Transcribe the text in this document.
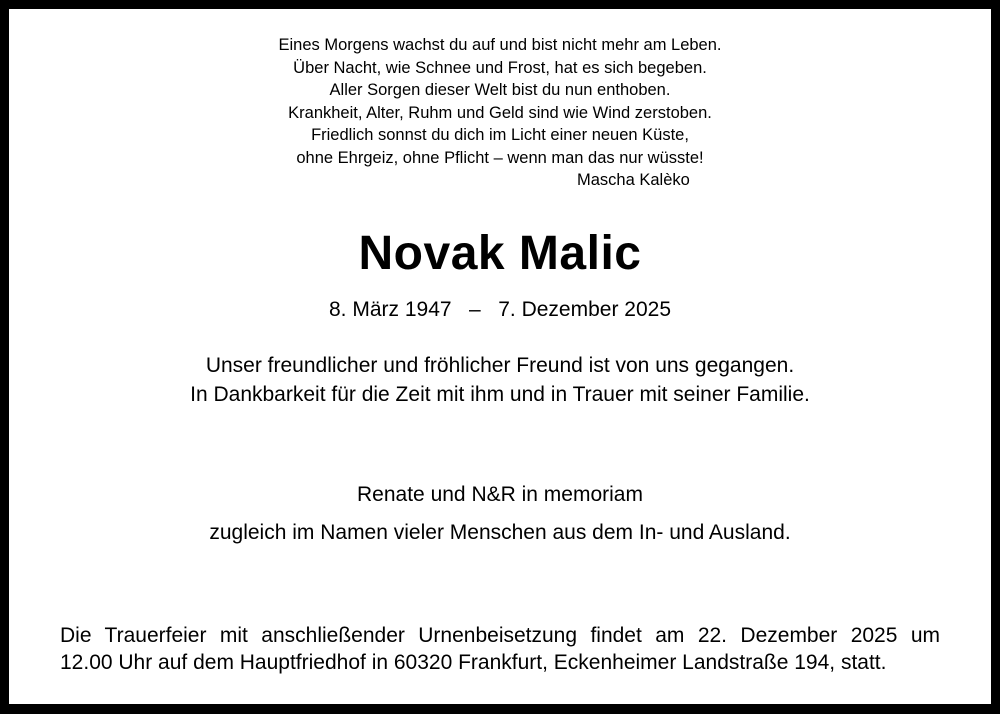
Eines Morgens wachst du auf und bist nicht mehr am Leben.
Über Nacht, wie Schnee und Frost, hat es sich begeben.
Aller Sorgen dieser Welt bist du nun enthoben.
Krankheit, Alter, Ruhm und Geld sind wie Wind zerstoben.
Friedlich sonnst du dich im Licht einer neuen Küste,
ohne Ehrgeiz, ohne Pflicht – wenn man das nur wüsste!
Mascha Kalèko
Novak Malic
8. März 1947   –   7. Dezember 2025
Unser freundlicher und fröhlicher Freund ist von uns gegangen.
In Dankbarkeit für die Zeit mit ihm und in Trauer mit seiner Familie.
Renate und N&R in memoriam
zugleich im Namen vieler Menschen aus dem In- und Ausland.
Die Trauerfeier mit anschließender Urnenbeisetzung findet am 22. Dezember 2025 um
12.00 Uhr auf dem Hauptfriedhof in 60320 Frankfurt, Eckenheimer Landstraße 194, statt.
